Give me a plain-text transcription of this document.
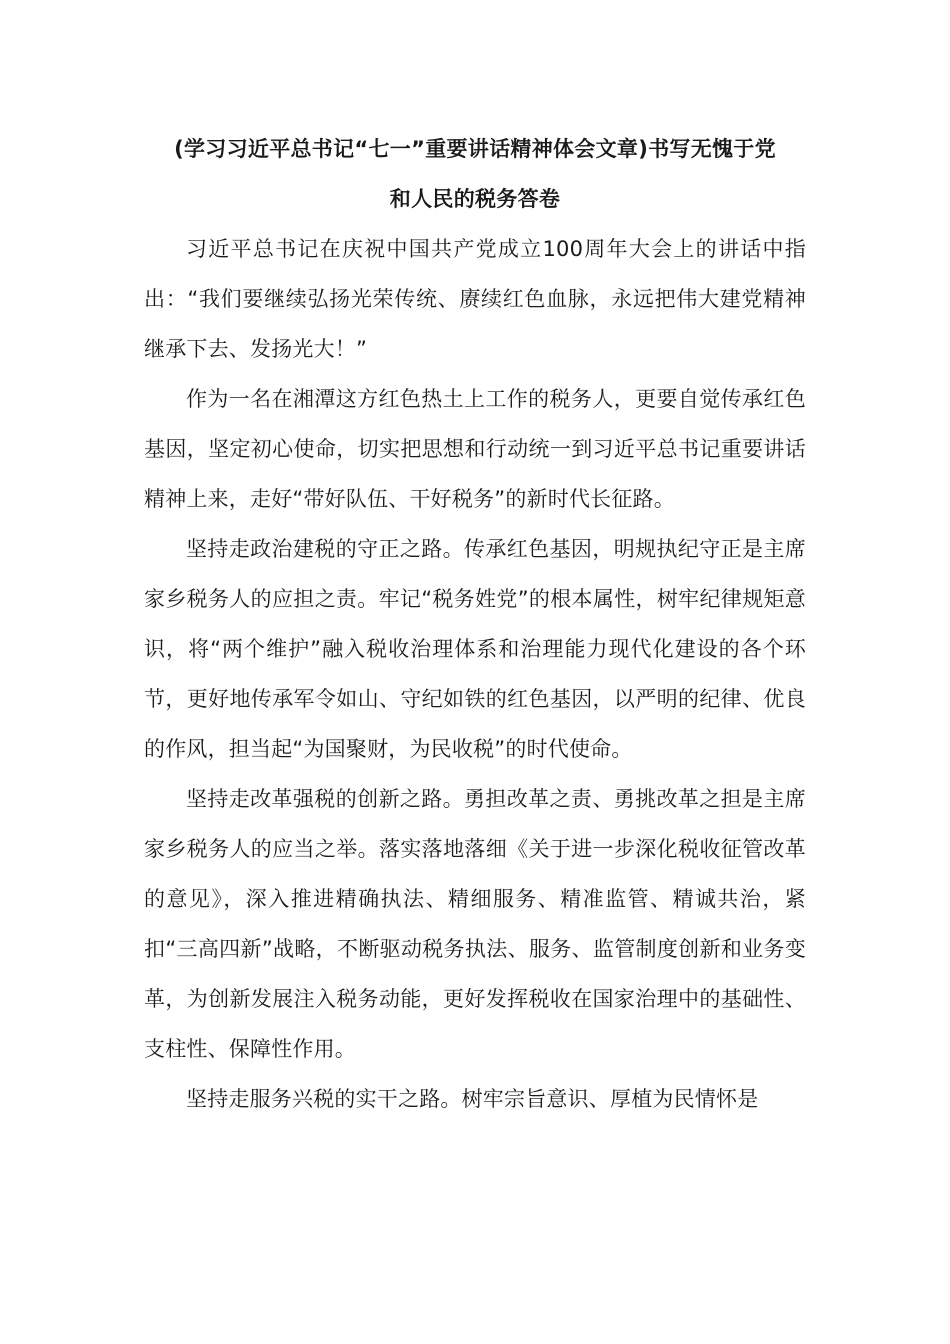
(学习习近平总书记“七一”重要讲话精神体会文章)书写无愧于党
和人民的税务答卷

习近平总书记在庆祝中国共产党成立100周年大会上的讲话中指出：“我们要继续弘扬光荣传统、赓续红色血脉，永远把伟大建党精神继承下去、发扬光大！”

作为一名在湘潭这方红色热土上工作的税务人，更要自觉传承红色基因，坚定初心使命，切实把思想和行动统一到习近平总书记重要讲话精神上来，走好“带好队伍、干好税务”的新时代长征路。

坚持走政治建税的守正之路。传承红色基因，明规执纪守正是主席家乡税务人的应担之责。牢记“税务姓党”的根本属性，树牢纪律规矩意识，将“两个维护”融入税收治理体系和治理能力现代化建设的各个环节，更好地传承军令如山、守纪如铁的红色基因，以严明的纪律、优良的作风，担当起“为国聚财，为民收税”的时代使命。

坚持走改革强税的创新之路。勇担改革之责、勇挑改革之担是主席家乡税务人的应当之举。落实落地落细《关于进一步深化税收征管改革的意见》，深入推进精确执法、精细服务、精准监管、精诚共治，紧扣“三高四新”战略，不断驱动税务执法、服务、监管制度创新和业务变革，为创新发展注入税务动能，更好发挥税收在国家治理中的基础性、支柱性、保障性作用。

坚持走服务兴税的实干之路。树牢宗旨意识、厚植为民情怀是
